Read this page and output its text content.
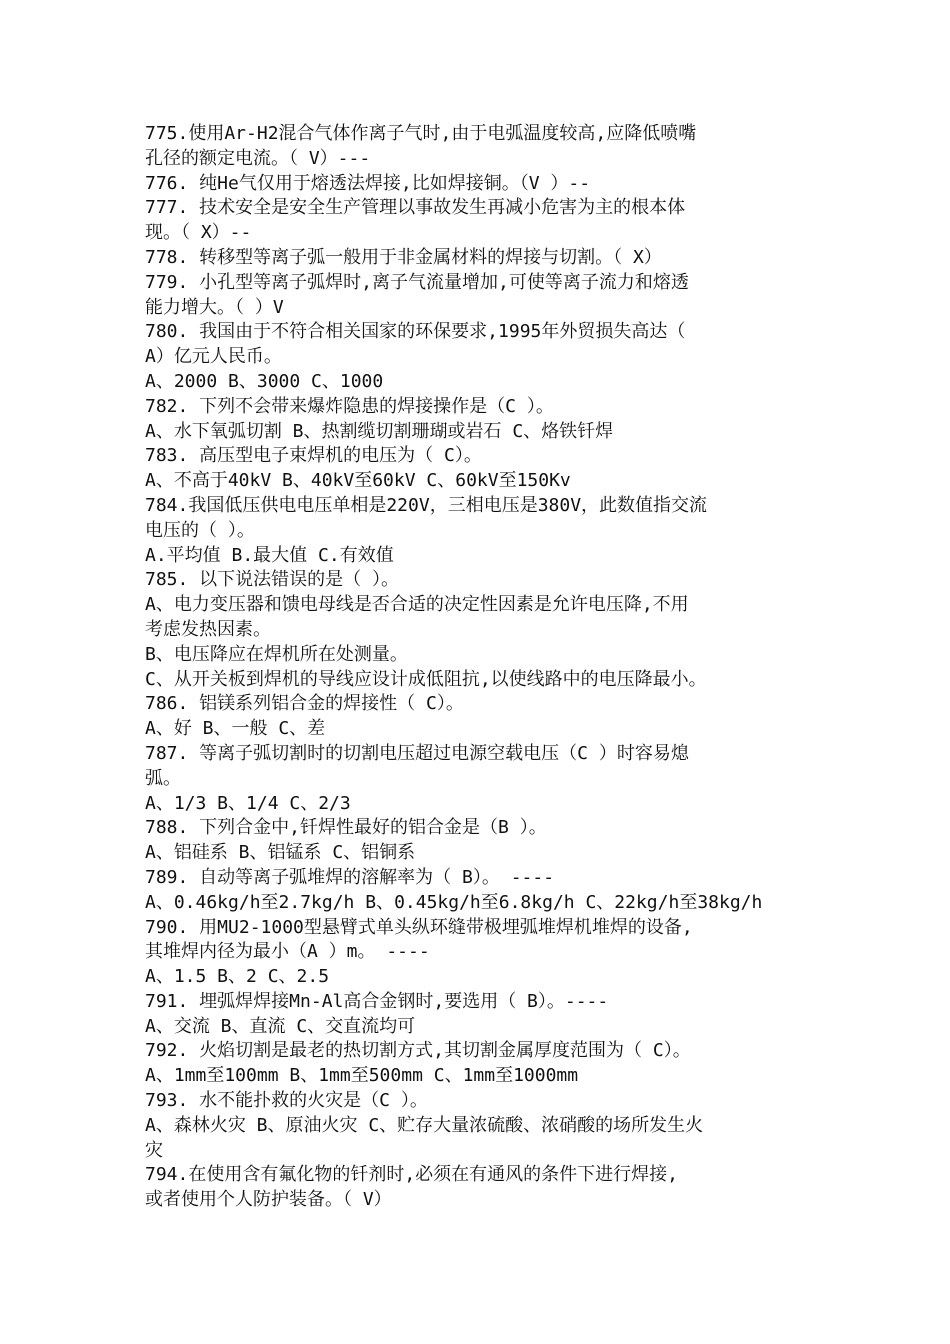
775.使用Ar-H2混合气体作离子气时,由于电弧温度较高,应降低喷嘴
孔径的额定电流。（ V）---
776. 纯He气仅用于熔透法焊接,比如焊接铜。（V ）--
777. 技术安全是安全生产管理以事故发生再减小危害为主的根本体
现。（ X）--
778. 转移型等离子弧一般用于非金属材料的焊接与切割。（ X）
779. 小孔型等离子弧焊时,离子气流量增加,可使等离子流力和熔透
能力增大。（ ）V
780. 我国由于不符合相关国家的环保要求,1995年外贸损失高达（
A）亿元人民币。
A、2000 B、3000 C、1000
782. 下列不会带来爆炸隐患的焊接操作是（C ）。
A、水下氧弧切割 B、热割缆切割珊瑚或岩石 C、烙铁钎焊
783. 高压型电子束焊机的电压为（ C）。
A、不高于40kV B、40kV至60kV C、60kV至150Kv
784.我国低压供电电压单相是220V，三相电压是380V，此数值指交流
电压的（ ）。
A.平均值 B.最大值 C.有效值
785. 以下说法错误的是（ ）。
A、电力变压器和馈电母线是否合适的决定性因素是允许电压降,不用
考虑发热因素。
B、电压降应在焊机所在处测量。
C、从开关板到焊机的导线应设计成低阻抗,以使线路中的电压降最小。
786. 铝镁系列铝合金的焊接性（ C）。
A、好 B、一般 C、差
787. 等离子弧切割时的切割电压超过电源空载电压（C ）时容易熄
弧。
A、1/3 B、1/4 C、2/3
788. 下列合金中,钎焊性最好的铝合金是（B ）。
A、铝硅系 B、铝锰系 C、铝铜系
789. 自动等离子弧堆焊的溶解率为（ B）。 ----
A、0.46kg/h至2.7kg/h B、0.45kg/h至6.8kg/h C、22kg/h至38kg/h
790. 用MU2-1000型悬臂式单头纵环缝带极埋弧堆焊机堆焊的设备,
其堆焊内径为最小（A ）m。 ----
A、1.5 B、2 C、2.5
791. 埋弧焊焊接Mn-Al高合金钢时,要选用（ B）。----
A、交流 B、直流 C、交直流均可
792. 火焰切割是最老的热切割方式,其切割金属厚度范围为（ C）。
A、1mm至100mm B、1mm至500mm C、1mm至1000mm
793. 水不能扑救的火灾是（C ）。
A、森林火灾 B、原油火灾 C、贮存大量浓硫酸、浓硝酸的场所发生火
灾
794.在使用含有氟化物的钎剂时,必须在有通风的条件下进行焊接,
或者使用个人防护装备。（ V）
